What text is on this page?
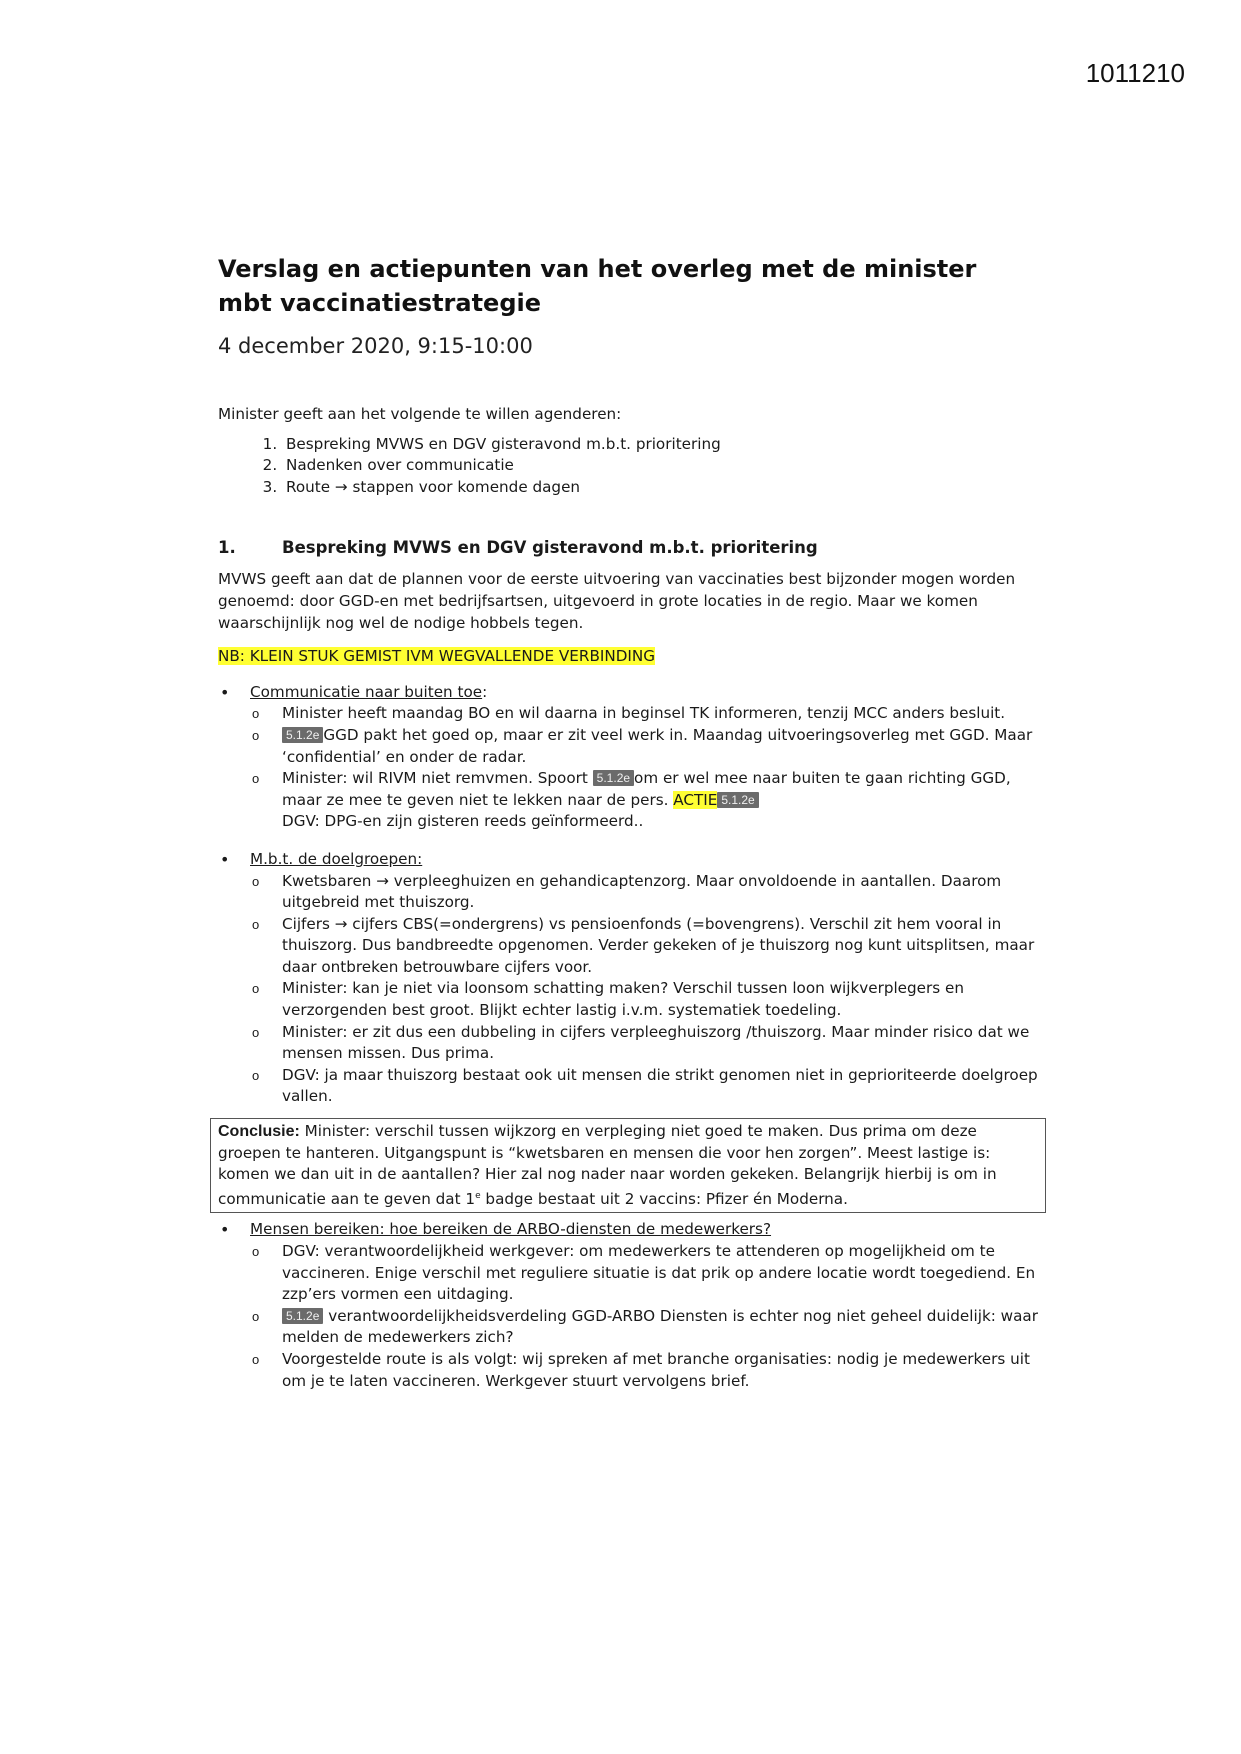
1011210
Verslag en actiepunten van het overleg met de minister mbt vaccinatiestrategie
4 december 2020, 9:15-10:00

Minister geeft aan het volgende te willen agenderen:

1. Bespreking MVWS en DGV gisteravond m.b.t. prioritering
2. Nadenken over communicatie
3. Route → stappen voor komende dagen
1.	Bespreking MVWS en DGV gisteravond m.b.t. prioritering

MVWS geeft aan dat de plannen voor de eerste uitvoering van vaccinaties best bijzonder mogen worden genoemd: door GGD-en met bedrijfsartsen, uitgevoerd in grote locaties in de regio. Maar we komen waarschijnlijk nog wel de nodige hobbels tegen.

NB: KLEIN STUK GEMIST IVM WEGVALLENDE VERBINDING

• Communicatie naar buiten toe:
o Minister heeft maandag BO en wil daarna in beginsel TK informeren, tenzij MCC anders besluit.
o 5.1.2e GGD pakt het goed op, maar er zit veel werk in. Maandag uitvoeringsoverleg met GGD. Maar ‘confidential’ en onder de radar.
o Minister: wil RIVM niet remvmen. Spoort 5.1.2e om er wel mee naar buiten te gaan richting GGD, maar ze mee te geven niet te lekken naar de pers. ACTIE 5.1.2e
DGV: DPG-en zijn gisteren reeds geïnformeerd..
• M.b.t. de doelgroepen:
o Kwetsbaren → verpleeghuizen en gehandicaptenzorg. Maar onvoldoende in aantallen. Daarom uitgebreid met thuiszorg.
o Cijfers → cijfers CBS(=ondergrens) vs pensioenfonds (=bovengrens). Verschil zit hem vooral in thuiszorg. Dus bandbreedte opgenomen. Verder gekeken of je thuiszorg nog kunt uitsplitsen, maar daar ontbreken betrouwbare cijfers voor.
o Minister: kan je niet via loonsom schatting maken? Verschil tussen loon wijkverplegers en verzorgenden best groot. Blijkt echter lastig i.v.m. systematiek toedeling.
o Minister: er zit dus een dubbeling in cijfers verpleeghuiszorg /thuiszorg. Maar minder risico dat we mensen missen. Dus prima.
o DGV: ja maar thuiszorg bestaat ook uit mensen die strikt genomen niet in geprioriteerde doelgroep vallen.
Conclusie: Minister: verschil tussen wijkzorg en verpleging niet goed te maken. Dus prima om deze groepen te hanteren. Uitgangspunt is “kwetsbaren en mensen die voor hen zorgen”. Meest lastige is: komen we dan uit in de aantallen? Hier zal nog nader naar worden gekeken. Belangrijk hierbij is om in communicatie aan te geven dat 1e badge bestaat uit 2 vaccins: Pfizer én Moderna.
• Mensen bereiken: hoe bereiken de ARBO-diensten de medewerkers?
o DGV: verantwoordelijkheid werkgever: om medewerkers te attenderen op mogelijkheid om te vaccineren. Enige verschil met reguliere situatie is dat prik op andere locatie wordt toegediend. En zzp’ers vormen een uitdaging.
o 5.1.2e verantwoordelijkheidsverdeling GGD-ARBO Diensten is echter nog niet geheel duidelijk: waar melden de medewerkers zich?
o Voorgestelde route is als volgt: wij spreken af met branche organisaties: nodig je medewerkers uit om je te laten vaccineren. Werkgever stuurt vervolgens brief.
